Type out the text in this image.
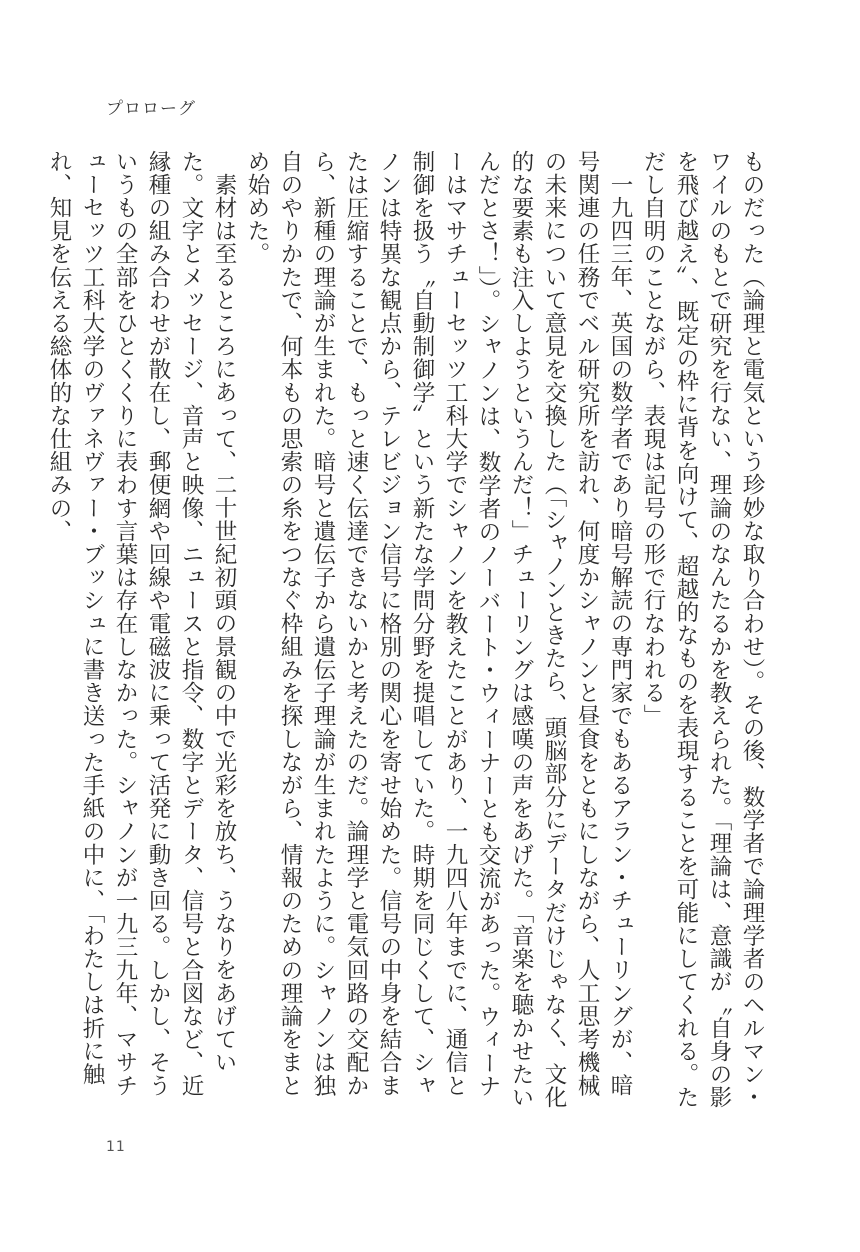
プロローグ

ものだった（論理と電気という珍妙な取り合わせ）。その後、数学者で論理学者のヘルマン・ワイルのもとで研究を行ない、理論のなんたるかを教えられた。「理論は、意識が〝自身の影を飛び越え〟、既定の枠に背を向けて、超越的なものを表現することを可能にしてくれる。ただし自明のことながら、表現は記号の形で行なわれる」

一九四三年、英国の数学者であり暗号解読の専門家でもあるアラン・チューリングが、暗号関連の任務でベル研究所を訪れ、何度かシャノンと昼食をともにしながら、人工思考機械の未来について意見を交換した（「シャノンときたら、頭脳部分にデータだけじゃなく、文化的な要素も注入しようというんだ！」チューリングは感嘆の声をあげた。「音楽を聴かせたいんだとさ！」）。シャノンは、数学者のノーバート・ウィーナーとも交流があった。ウィーナーはマサチューセッツ工科大学でシャノンを教えたことがあり、一九四八年までに、通信と制御を扱う〝自動制御学〟という新たな学問分野を提唱していた。時期を同じくして、シャノンは特異な観点から、テレビジョン信号に格別の関心を寄せ始めた。信号の中身を結合または圧縮することで、もっと速く伝達できないかと考えたのだ。論理学と電気回路の交配から、新種の理論が生まれた。暗号と遺伝子から遺伝子理論が生まれたように。シャノンは独自のやりかたで、何本もの思索の糸をつなぐ枠組みを探しながら、情報のための理論をまとめ始めた。

素材は至るところにあって、二十世紀初頭の景観の中で光彩を放ち、うなりをあげていた。文字とメッセージ、音声と映像、ニュースと指令、数字とデータ、信号と合図など、近縁種の組み合わせが散在し、郵便網や回線や電磁波に乗って活発に動き回る。しかし、そういうもの全部をひとくくりに表わす言葉は存在しなかった。シャノンが一九三九年、マサチューセッツ工科大学のヴァネヴァー・ブッシュに書き送った手紙の中に、「わたしは折に触れ、知見を伝える総体的な仕組みの、

11
